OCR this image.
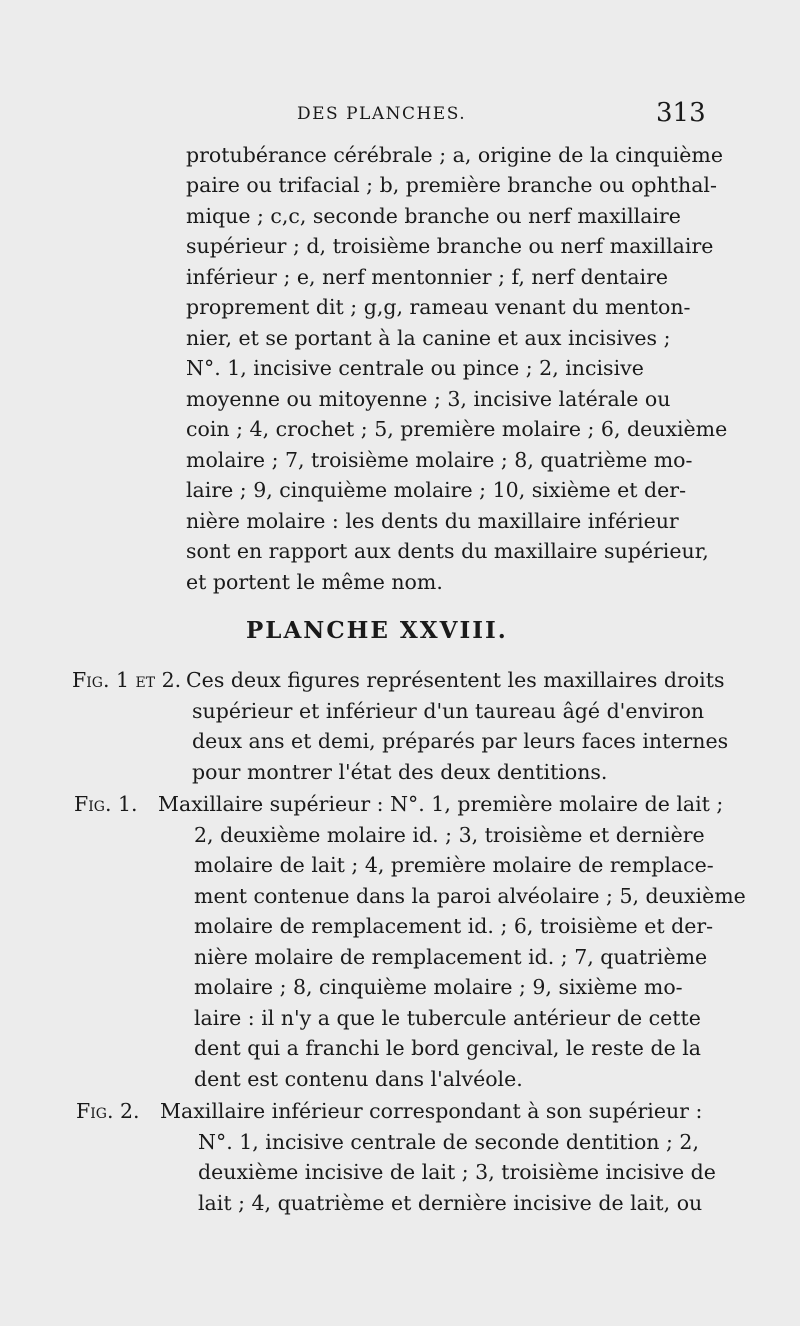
DES PLANCHES.	313
protubérance cérébrale ; a, origine de la cinquième
paire ou trifacial ; b, première branche ou ophthal-
mique ; c,c, seconde branche ou nerf maxillaire
supérieur ; d, troisième branche ou nerf maxillaire
inférieur ; e, nerf mentonnier ; f, nerf dentaire
proprement dit ; g,g, rameau venant du menton-
nier, et se portant à la canine et aux incisives ;
N°. 1, incisive centrale ou pince ; 2, incisive
moyenne ou mitoyenne ; 3, incisive latérale ou
coin ; 4, crochet ; 5, première molaire ; 6, deuxième
molaire ; 7, troisième molaire ; 8, quatrième mo-
laire ; 9, cinquième molaire ; 10, sixième et der-
nière molaire : les dents du maxillaire inférieur
sont en rapport aux dents du maxillaire supérieur,
et portent le même nom.
PLANCHE XXVIII.
Fig. 1 et 2. Ces deux figures représentent les maxillaires droits
supérieur et inférieur d'un taureau âgé d'environ
deux ans et demi, préparés par leurs faces internes
pour montrer l'état des deux dentitions.
Fig. 1. Maxillaire supérieur : N°. 1, première molaire de lait ;
2, deuxième molaire id. ; 3, troisième et dernière
molaire de lait ; 4, première molaire de remplace-
ment contenue dans la paroi alvéolaire ; 5, deuxième
molaire de remplacement id. ; 6, troisième et der-
nière molaire de remplacement id. ; 7, quatrième
molaire ; 8, cinquième molaire ; 9, sixième mo-
laire : il n'y a que le tubercule antérieur de cette
dent qui a franchi le bord gencival, le reste de la
dent est contenu dans l'alvéole.
Fig. 2. Maxillaire inférieur correspondant à son supérieur :
N°. 1, incisive centrale de seconde dentition ; 2,
deuxième incisive de lait ; 3, troisième incisive de
lait ; 4, quatrième et dernière incisive de lait, ou
